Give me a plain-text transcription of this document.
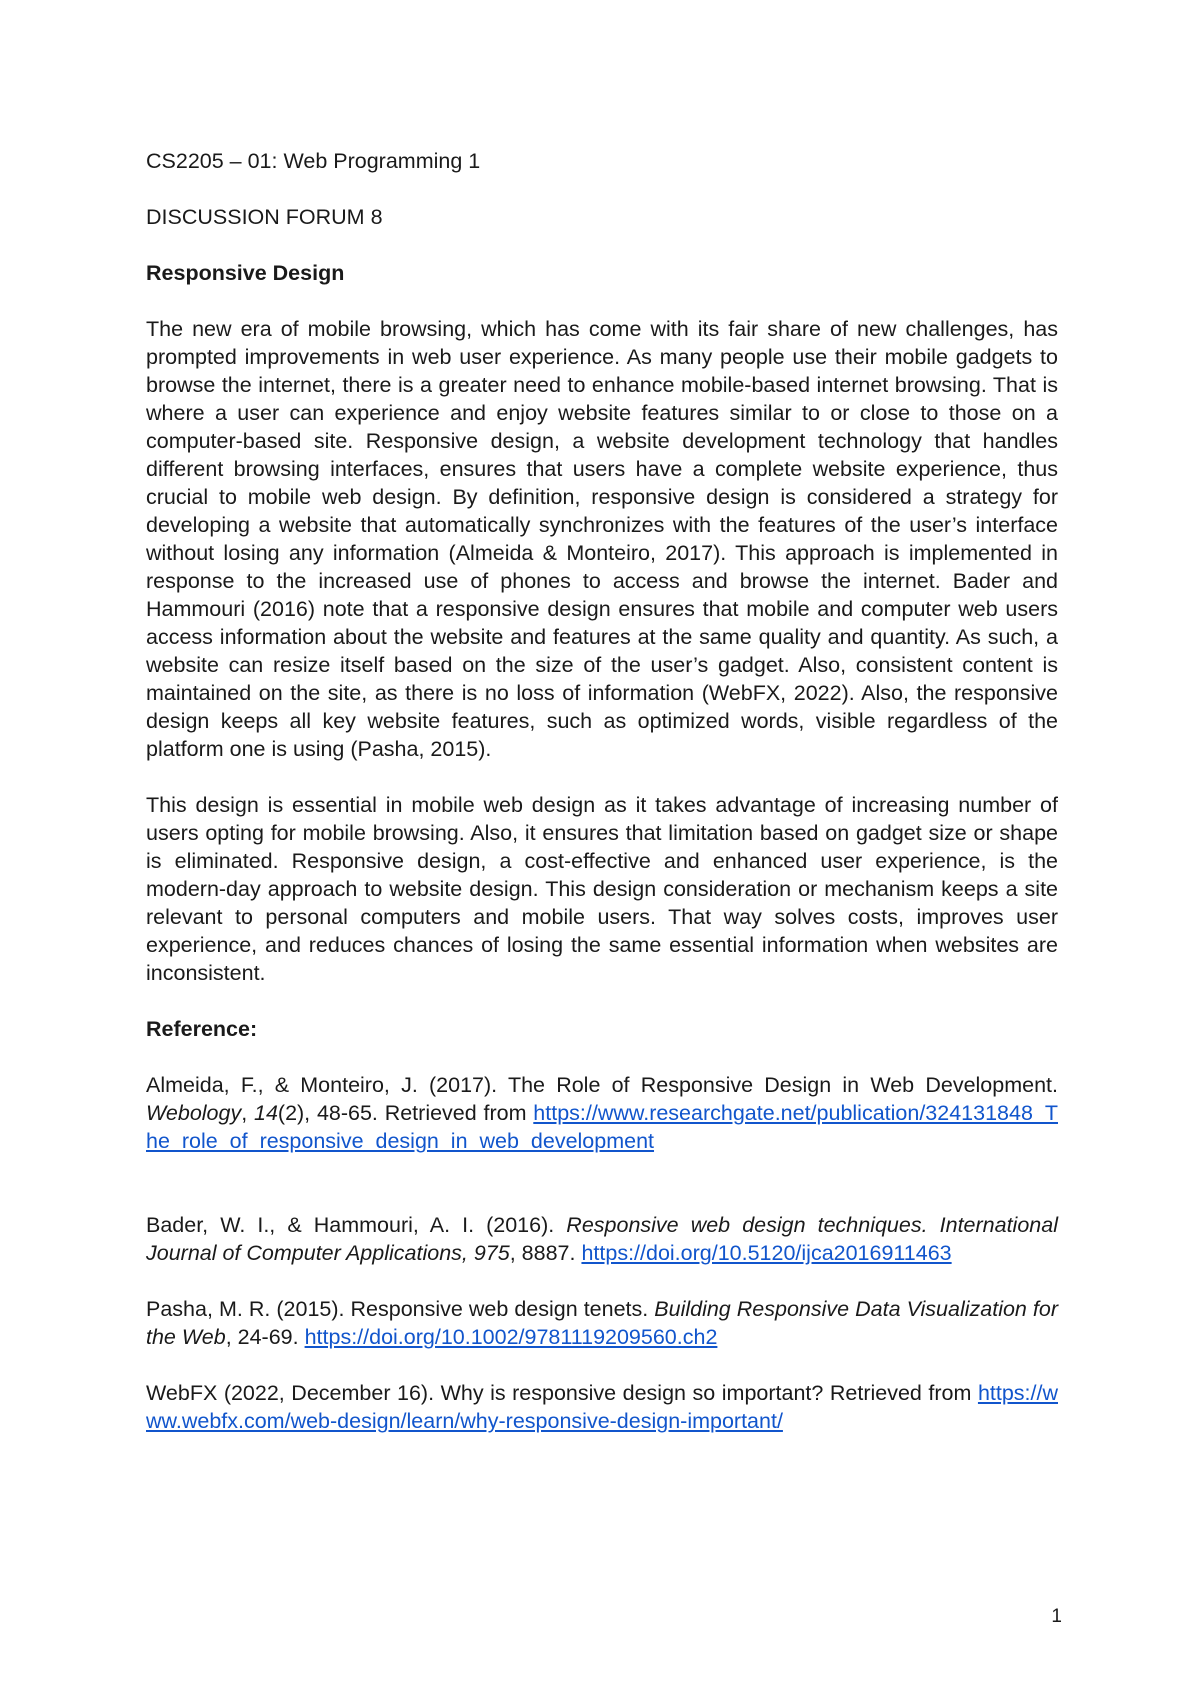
CS2205 – 01: Web Programming 1

DISCUSSION FORUM 8

Responsive Design

The new era of mobile browsing, which has come with its fair share of new challenges, has prompted improvements in web user experience. As many people use their mobile gadgets to browse the internet, there is a greater need to enhance mobile-based internet browsing. That is where a user can experience and enjoy website features similar to or close to those on a computer-based site. Responsive design, a website development technology that handles different browsing interfaces, ensures that users have a complete website experience, thus crucial to mobile web design. By definition, responsive design is considered a strategy for developing a website that automatically synchronizes with the features of the user’s interface without losing any information (Almeida & Monteiro, 2017). This approach is implemented in response to the increased use of phones to access and browse the internet. Bader and Hammouri (2016) note that a responsive design ensures that mobile and computer web users access information about the website and features at the same quality and quantity. As such, a website can resize itself based on the size of the user’s gadget. Also, consistent content is maintained on the site, as there is no loss of information (WebFX, 2022). Also, the responsive design keeps all key website features, such as optimized words, visible regardless of the platform one is using (Pasha, 2015).

This design is essential in mobile web design as it takes advantage of increasing number of users opting for mobile browsing. Also, it ensures that limitation based on gadget size or shape is eliminated. Responsive design, a cost-effective and enhanced user experience, is the modern-day approach to website design. This design consideration or mechanism keeps a site relevant to personal computers and mobile users. That way solves costs, improves user experience, and reduces chances of losing the same essential information when websites are inconsistent.

Reference:

Almeida, F., & Monteiro, J. (2017). The Role of Responsive Design in Web Development. Webology, 14(2), 48-65. Retrieved from https://www.researchgate.net/publication/324131848_The_role_of_responsive_design_in_web_development

Bader, W. I., & Hammouri, A. I. (2016). Responsive web design techniques. International Journal of Computer Applications, 975, 8887. https://doi.org/10.5120/ijca2016911463

Pasha, M. R. (2015). Responsive web design tenets. Building Responsive Data Visualization for the Web, 24-69. https://doi.org/10.1002/9781119209560.ch2

WebFX (2022, December 16). Why is responsive design so important? Retrieved from https://www.webfx.com/web-design/learn/why-responsive-design-important/

1
